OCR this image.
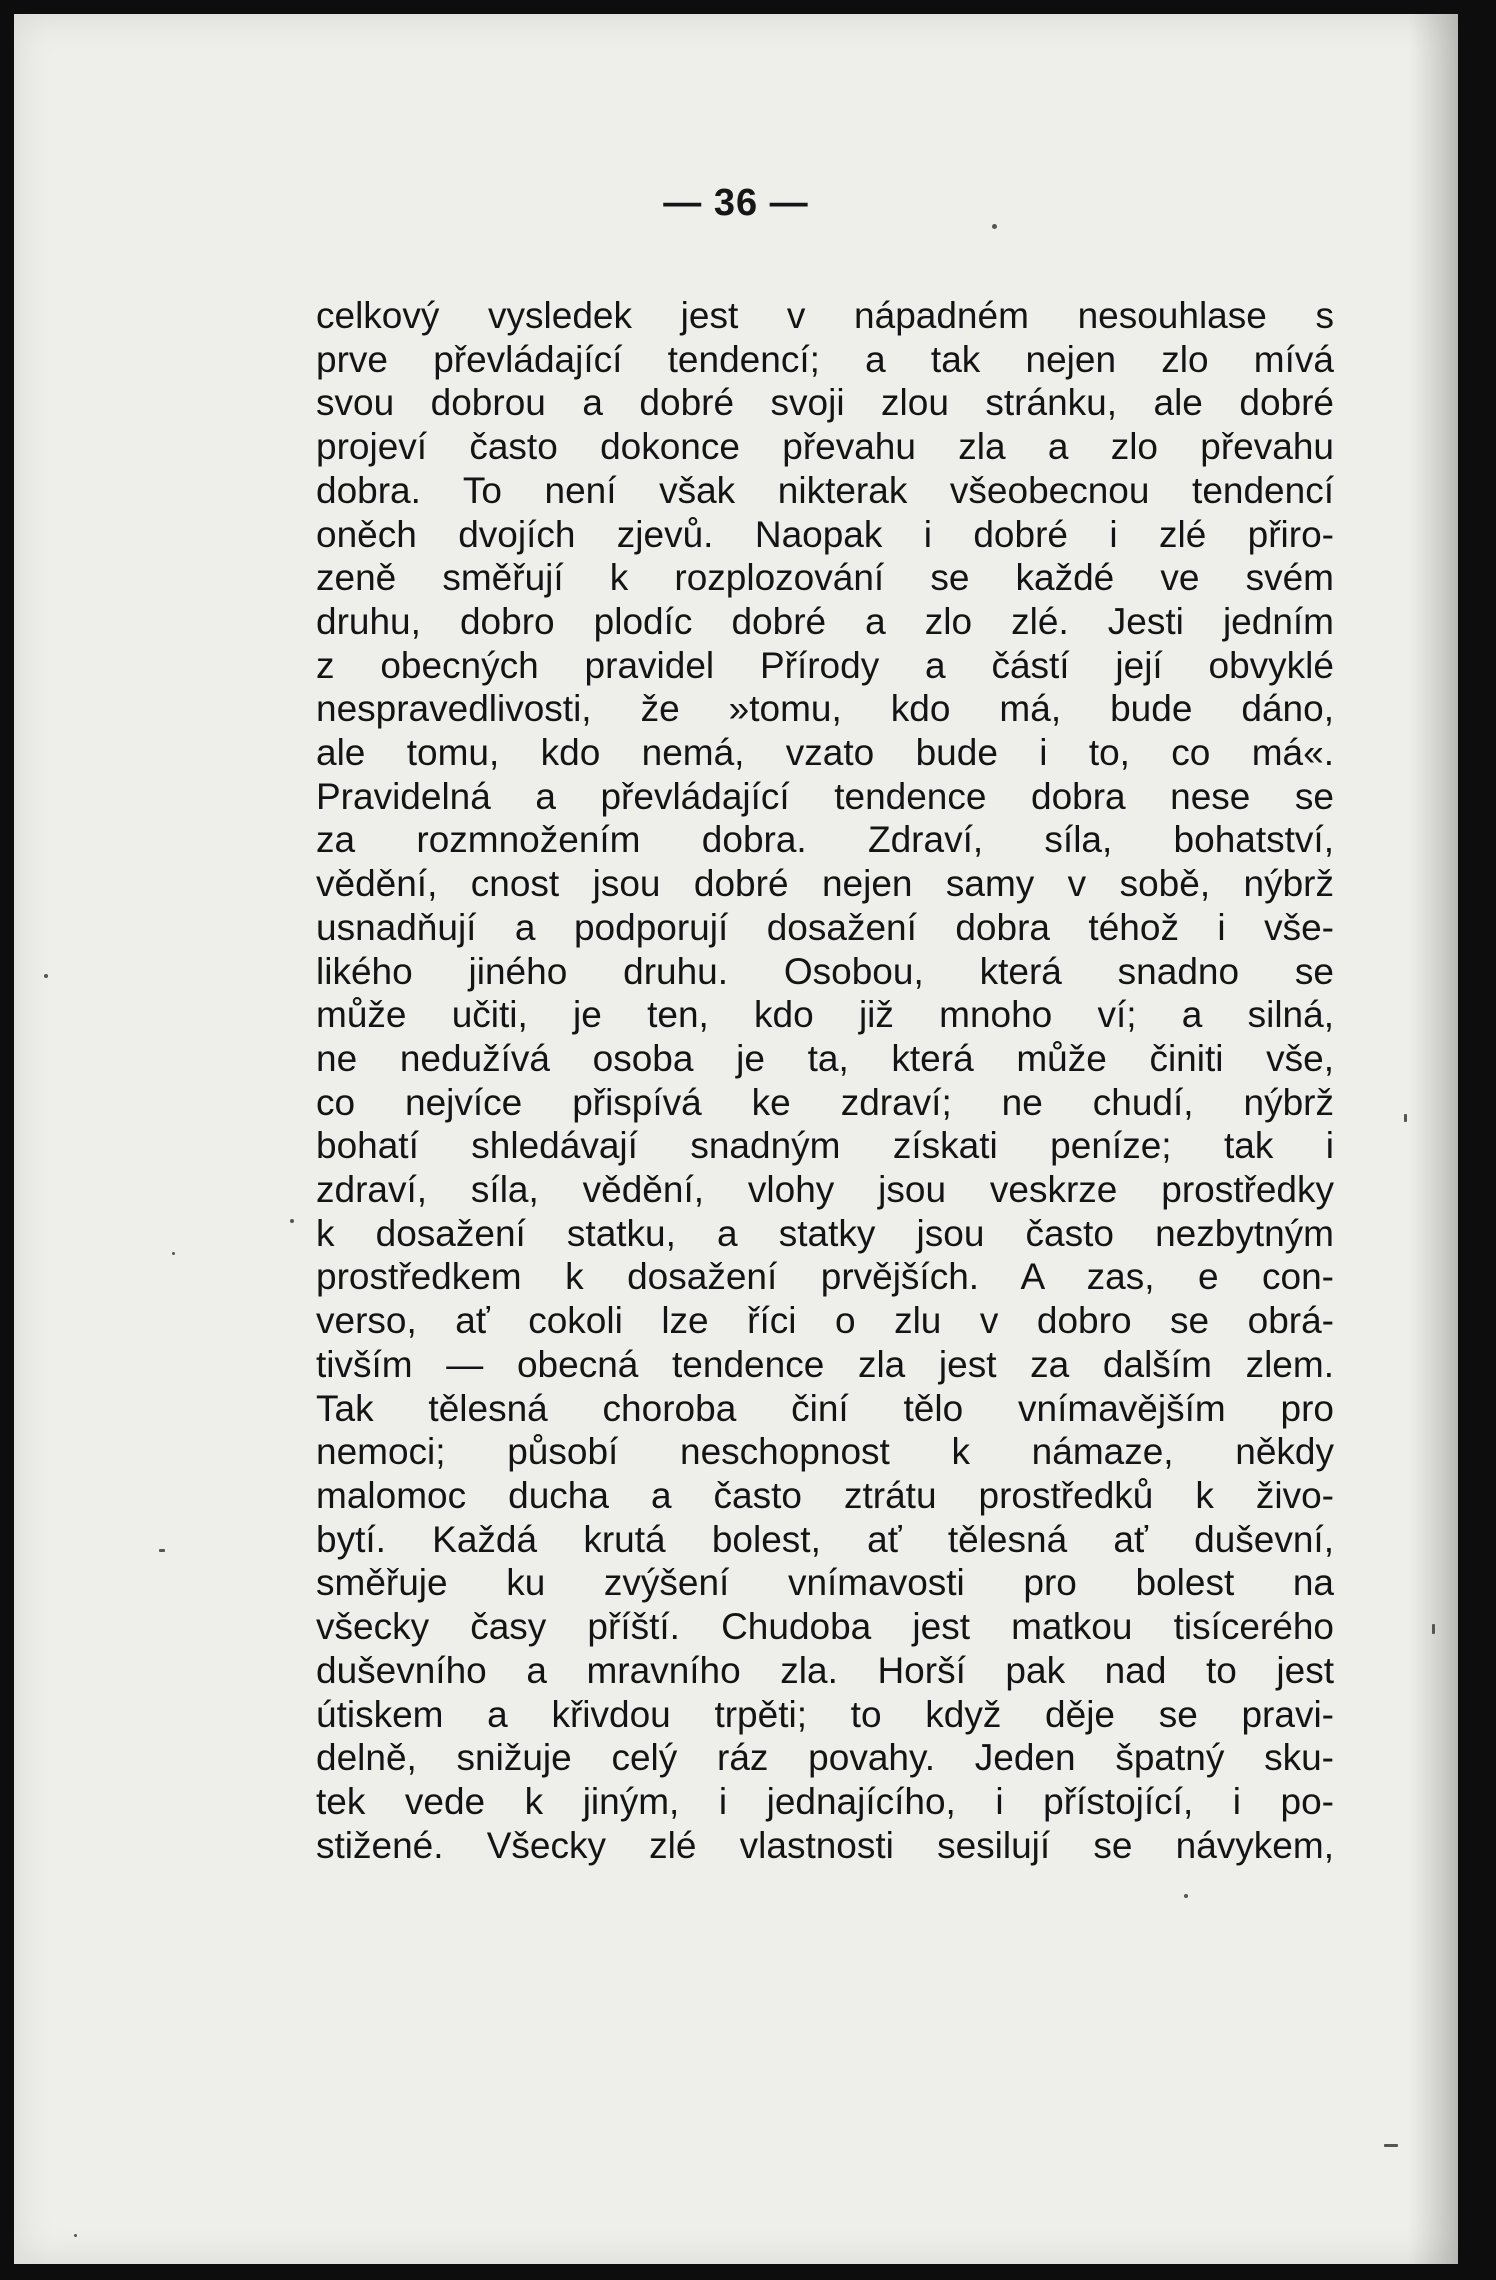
— 36 —
celkový vysledek jest v nápadném nesouhlase s
prve převládající tendencí; a tak nejen zlo mívá
svou dobrou a dobré svoji zlou stránku, ale dobré
projeví často dokonce převahu zla a zlo převahu
dobra. To není však nikterak všeobecnou tendencí
oněch dvojích zjevů. Naopak i dobré i zlé přiro-
zeně směřují k rozplozování se každé ve svém
druhu, dobro plodíc dobré a zlo zlé. Jesti jedním
z obecných pravidel Přírody a částí její obvyklé
nespravedlivosti, že »tomu, kdo má, bude dáno,
ale tomu, kdo nemá, vzato bude i to, co má«.
Pravidelná a převládající tendence dobra nese se
za rozmnožením dobra. Zdraví, síla, bohatství,
vědění, cnost jsou dobré nejen samy v sobě, nýbrž
usnadňují a podporují dosažení dobra téhož i vše-
likého jiného druhu. Osobou, která snadno se
může učiti, je ten, kdo již mnoho ví; a silná,
ne nedužívá osoba je ta, která může činiti vše,
co nejvíce přispívá ke zdraví; ne chudí, nýbrž
bohatí shledávají snadným získati peníze; tak i
zdraví, síla, vědění, vlohy jsou veskrze prostředky
k dosažení statku, a statky jsou často nezbytným
prostředkem k dosažení prvějších. A zas, e con-
verso, ať cokoli lze říci o zlu v dobro se obrá-
tivším — obecná tendence zla jest za dalším zlem.
Tak tělesná choroba činí tělo vnímavějším pro
nemoci; působí neschopnost k námaze, někdy
malomoc ducha a často ztrátu prostředků k živo-
bytí. Každá krutá bolest, ať tělesná ať duševní,
směřuje ku zvýšení vnímavosti pro bolest na
všecky časy příští. Chudoba jest matkou tisícerého
duševního a mravního zla. Horší pak nad to jest
útiskem a křivdou trpěti; to když děje se pravi-
delně, snižuje celý ráz povahy. Jeden špatný sku-
tek vede k jiným, i jednajícího, i přístojící, i po-
stižené. Všecky zlé vlastnosti sesilují se návykem,
